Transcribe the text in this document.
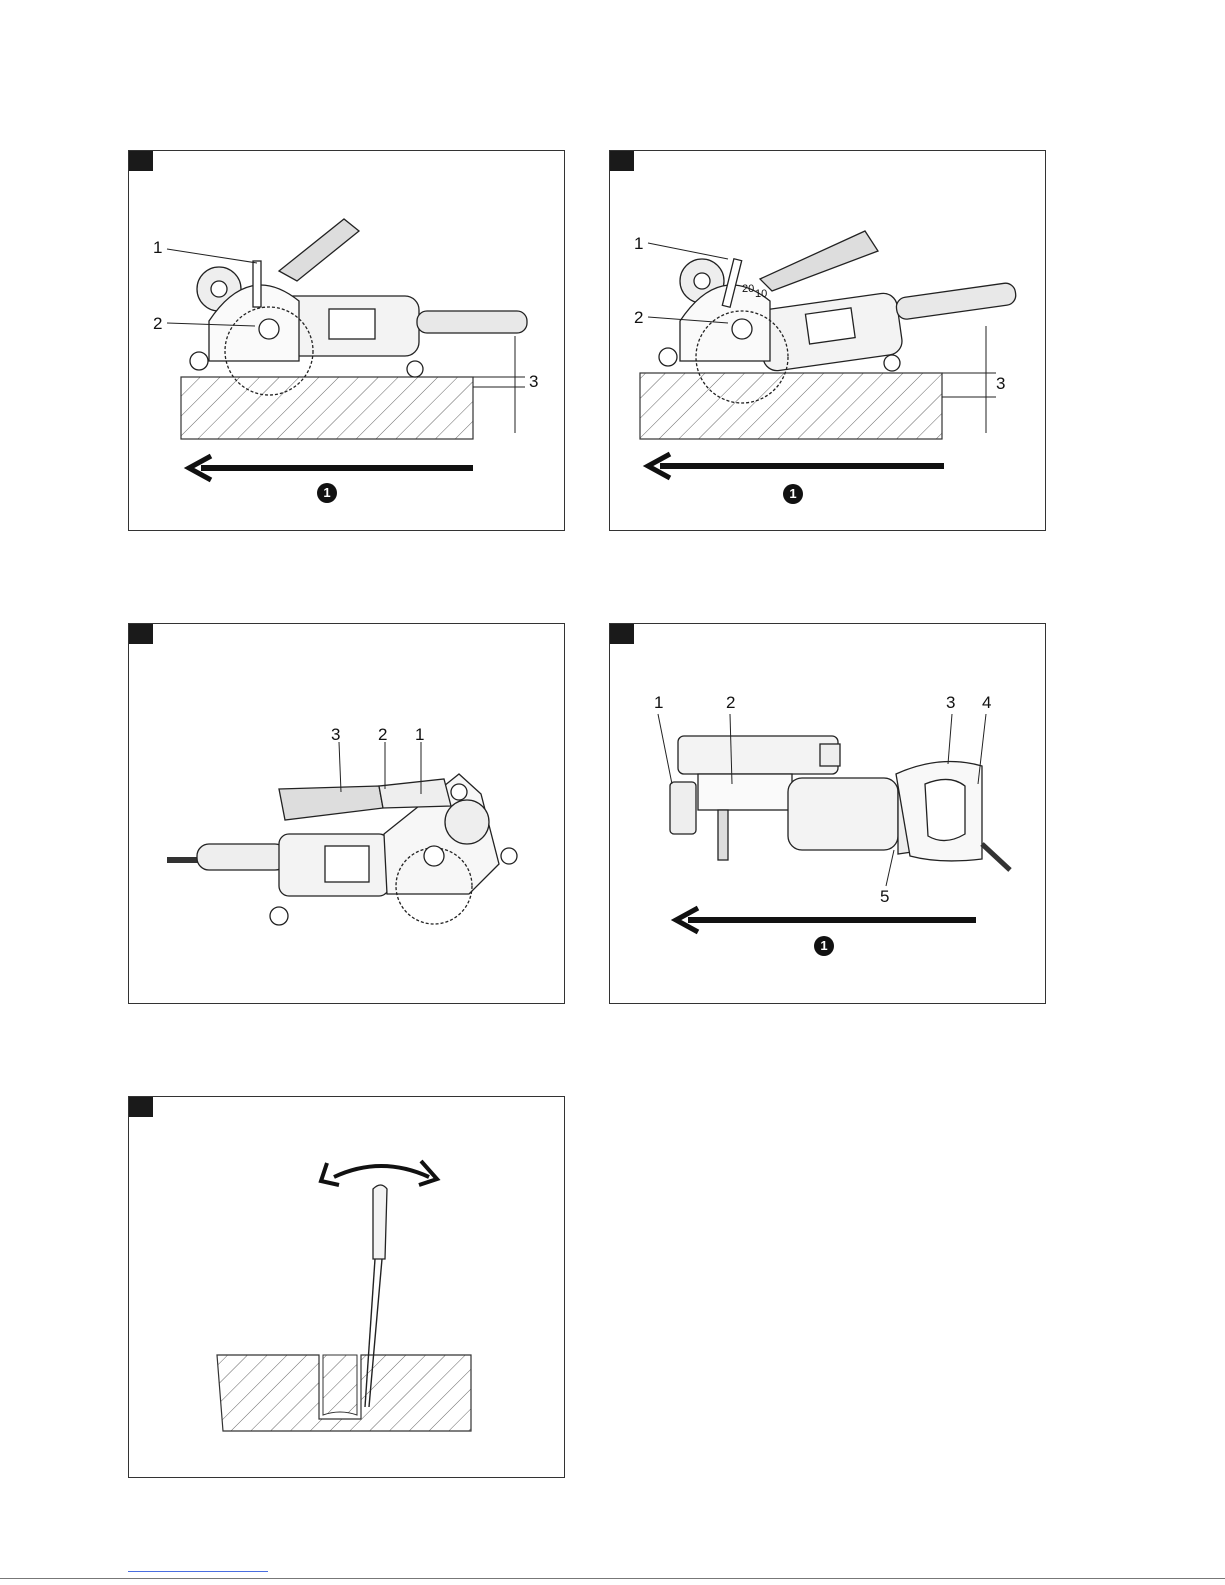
1
2
3
1
1
2
3
20 10
1
3 2 1
1	2	3 4
5
1
